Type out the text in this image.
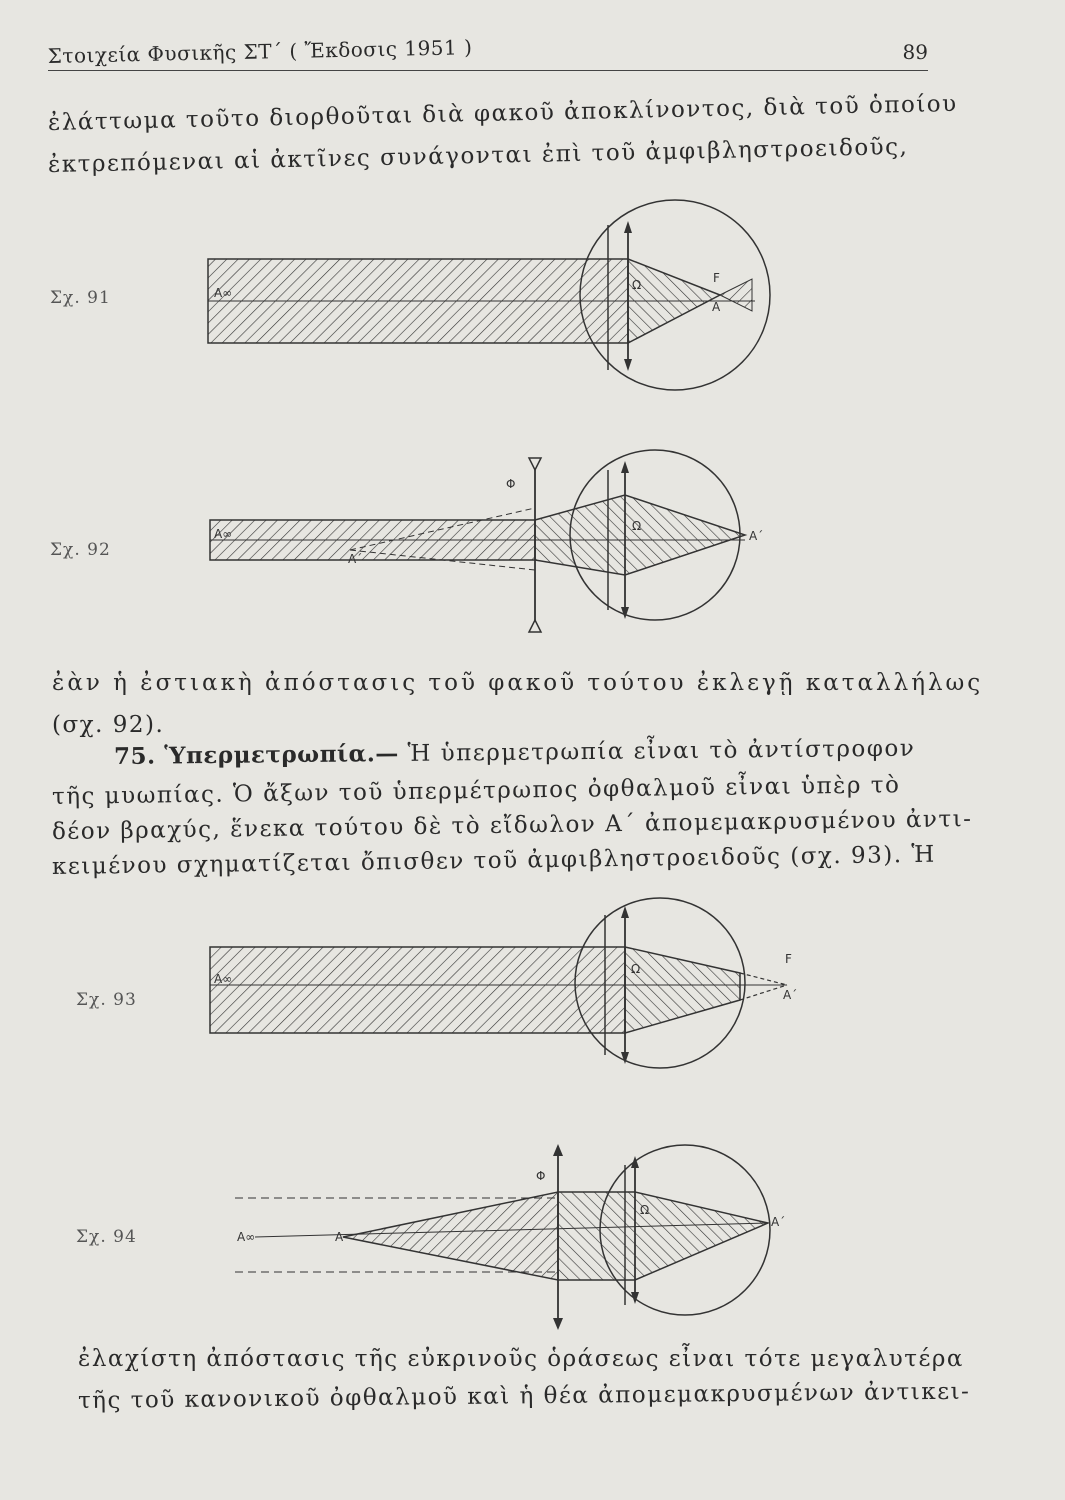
Στοιχεία Φυσικῆς ΣΤ΄ ( Ἔκδοσις 1951 )	89
ἐλάττωμα τοῦτο διορθοῦται διὰ φακοῦ ἀποκλίνοντος, διὰ τοῦ ὁποίου
ἐκτρεπόμεναι αἱ ἀκτῖνες συνάγονται ἐπὶ τοῦ ἀμφιβληστροειδοῦς,
Σχ. 91	Α∞
Ω	F
Α
Σχ. 92
Α∞
Φ
Α΄
Ω
Α΄
ἐὰν ἡ ἐστιακὴ ἀπόστασις τοῦ φακοῦ τούτου ἐκλεγῇ καταλλήλως
(σχ. 92).
75. Ὑπερμετρωπία.— Ἡ ὑπερμετρωπία εἶναι τὸ ἀντίστροφον
τῆς μυωπίας. Ὁ ἄξων τοῦ ὑπερμέτρωπος ὀφθαλμοῦ εἶναι ὑπὲρ τὸ
δέον βραχύς, ἕνεκα τούτου δὲ τὸ εἴδωλον Α΄ ἀπομεμακρυσμένου ἀντι-
κειμένου σχηματίζεται ὄπισθεν τοῦ ἀμφιβληστροειδοῦς (σχ. 93). Ἡ
Σχ. 93
Α∞
Ω
F
Α΄
Σχ. 94	Α∞	Α
Φ
Ω
Α΄
ἐλαχίστη ἀπόστασις τῆς εὐκρινοῦς ὁράσεως εἶναι τότε μεγαλυτέρα
τῆς τοῦ κανονικοῦ ὀφθαλμοῦ καὶ ἡ θέα ἀπομεμακρυσμένων ἀντικει-
